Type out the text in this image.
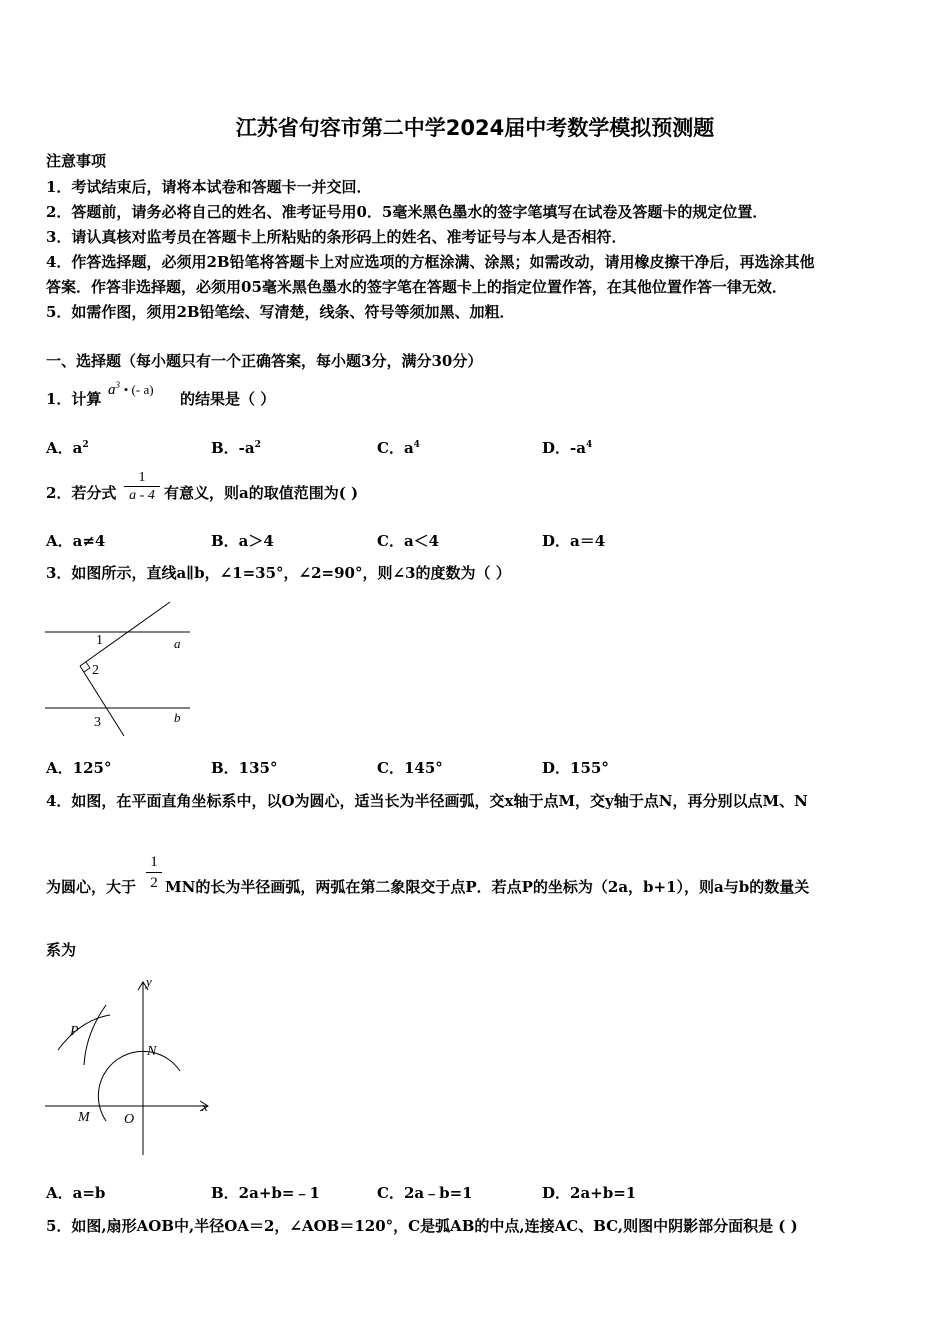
江苏省句容市第二中学2024届中考数学模拟预测题
注意事项
1．考试结束后，请将本试卷和答题卡一并交回．
2．答题前，请务必将自己的姓名、准考证号用0．5毫米黑色墨水的签字笔填写在试卷及答题卡的规定位置．
3．请认真核对监考员在答题卡上所粘贴的条形码上的姓名、准考证号与本人是否相符．
4．作答选择题，必须用2B铅笔将答题卡上对应选项的方框涂满、涂黑；如需改动，请用橡皮擦干净后，再选涂其他
答案．作答非选择题，必须用05毫米黑色墨水的签字笔在答题卡上的指定位置作答，在其他位置作答一律无效．
5．如需作图，须用2B铅笔绘、写清楚，线条、符号等须加黑、加粗．
一、选择题（每小题只有一个正确答案，每小题3分，满分30分）
1．计算 $a^3$ • (- a)
的结果是（ ）
A．$a^2$	B．$-a^2$	C．$a^4$	D．$-a^4$
2．若分式 $\frac{1}{a - 4}$ 有意义，则a的取值范围为( )
A．a≠4	B．a＞4	C．a＜4	D．a＝4
3．如图所示，直线a∥b，∠1=35°，∠2=90°，则∠3的度数为（ ）
a
b
1
2
3
A．125°	B．135°	C．145°	D．155°
4．如图，在平面直角坐标系中，以O为圆心，适当长为半径画弧，交x轴于点M，交y轴于点N，再分别以点M、N
为圆心，大于 $\frac{1}{2}$ MN的长为半径画弧，两弧在第二象限交于点P．若点P的坐标为（2a，b+1），则a与b的数量关
系为
y
x
P
N
M O
A．a=b	B．2a+b=﹣1	C．2a﹣b=1	D．2a+b=1
5．如图,扇形AOB中,半径OA＝2，∠AOB＝120°，C是弧AB的中点,连接AC、BC,则图中阴影部分面积是 ( )
